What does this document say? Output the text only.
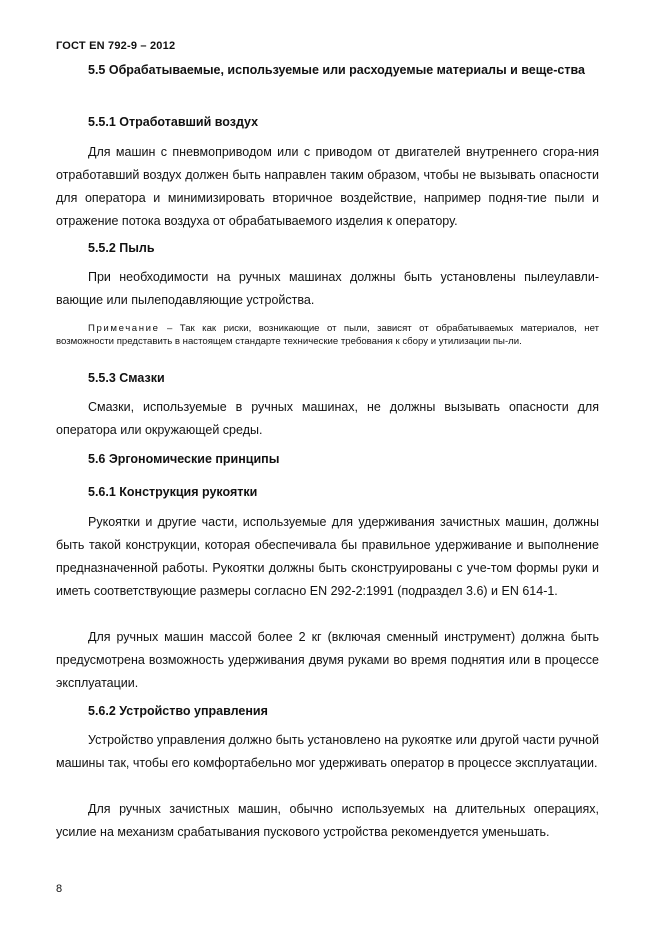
ГОСТ EN 792-9 – 2012
5.5 Обрабатываемые, используемые или расходуемые материалы и веще-ства
5.5.1 Отработавший воздух

Для машин с пневмоприводом или с приводом от двигателей внутреннего сгора-ния отработавший воздух должен быть направлен таким образом, чтобы не вызывать опасности для оператора и минимизировать вторичное воздействие, например подня-тие пыли и отражение потока воздуха от обрабатываемого изделия к оператору.

5.5.2 Пыль

При необходимости на ручных машинах должны быть установлены пылеулавли-вающие или пылеподавляющие устройства.

Примечание – Так как риски, возникающие от пыли, зависят от обрабатываемых материалов, нет возможности представить в настоящем стандарте технические требования к сбору и утилизации пы-ли.

5.5.3 Смазки

Смазки, используемые в ручных машинах, не должны вызывать опасности для оператора или окружающей среды.

5.6 Эргономические принципы
5.6.1 Конструкция рукоятки

Рукоятки и другие части, используемые для удерживания зачистных машин, должны быть такой конструкции, которая обеспечивала бы правильное удерживание и выполнение предназначенной работы. Рукоятки должны быть сконструированы с уче-том формы руки и иметь соответствующие размеры согласно EN 292-2:1991 (подраздел 3.6) и EN 614-1.

Для ручных машин массой более 2 кг (включая сменный инструмент) должна быть предусмотрена возможность удерживания двумя руками во время поднятия или в процессе эксплуатации.

5.6.2 Устройство управления

Устройство управления должно быть установлено на рукоятке или другой части ручной машины так, чтобы его комфортабельно мог удерживать оператор в процессе эксплуатации.

Для ручных зачистных машин, обычно используемых на длительных операциях, усилие на механизм срабатывания пускового устройства рекомендуется уменьшать.

8
